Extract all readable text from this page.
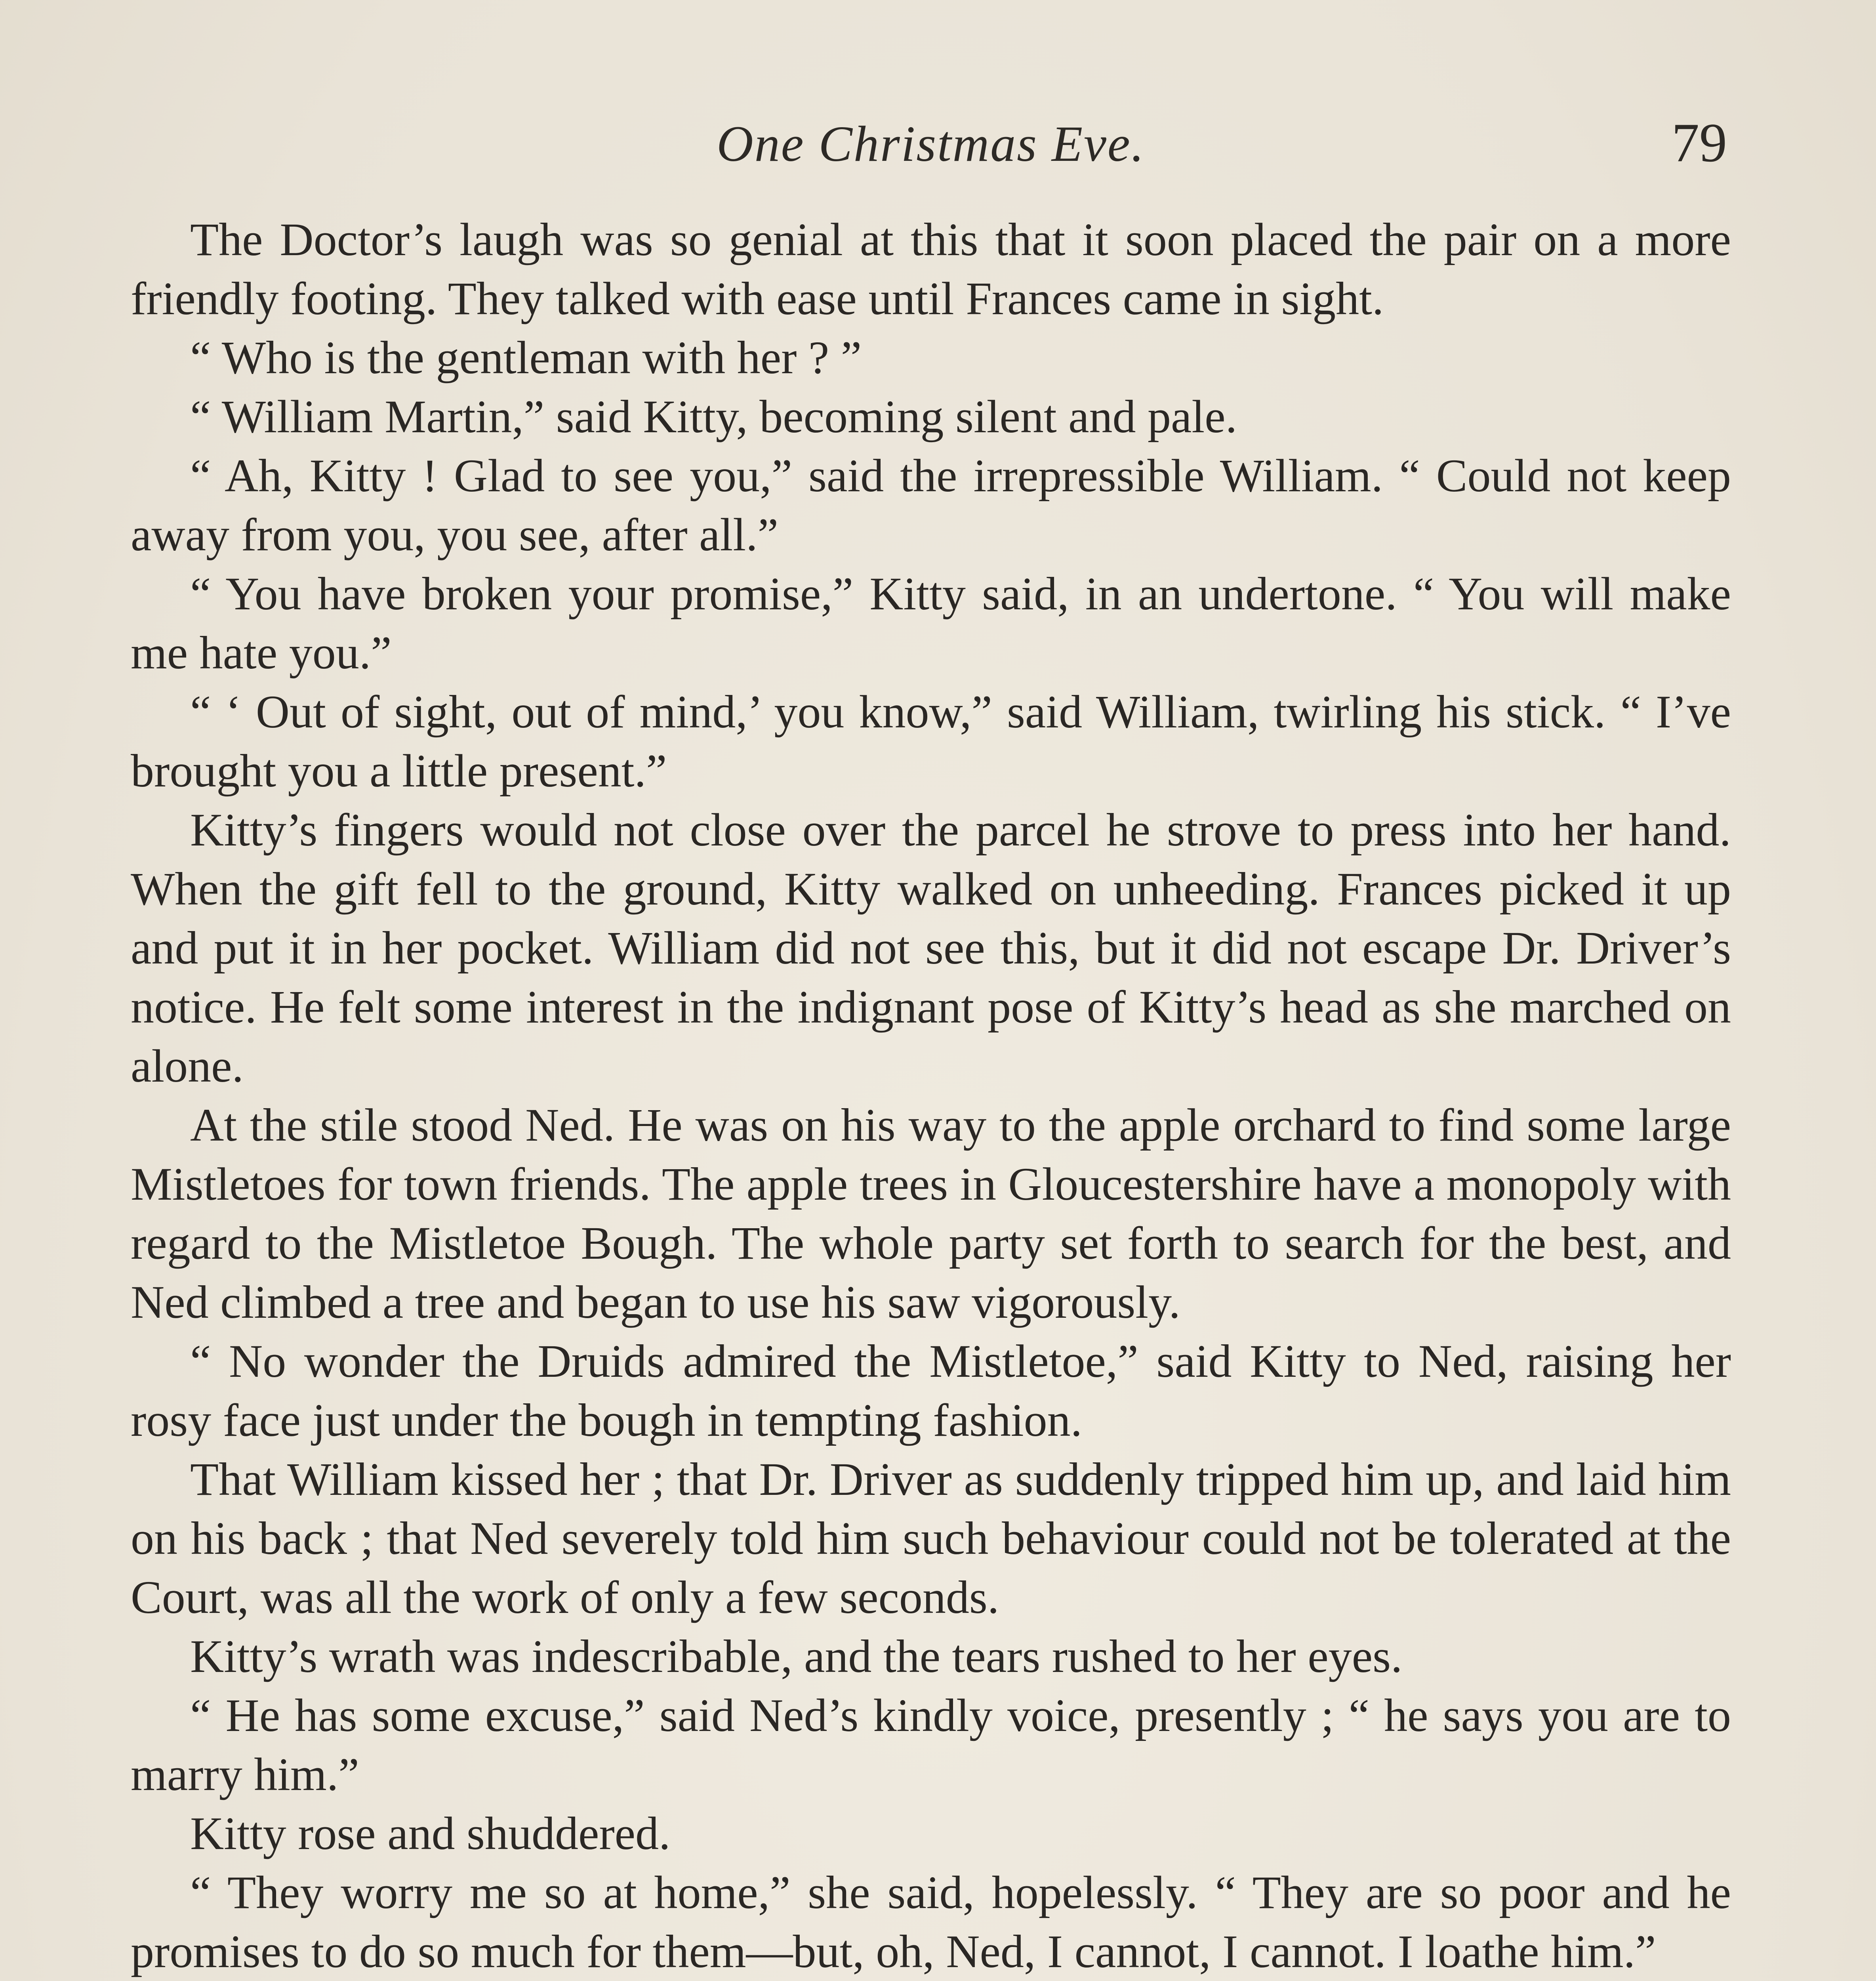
One Christmas Eve.	79

The Doctor’s laugh was so genial at this that it soon placed the pair on a more friendly footing. They talked with ease until Frances came in sight.

“ Who is the gentleman with her ? ”

“ William Martin,” said Kitty, becoming silent and pale.

“ Ah, Kitty ! Glad to see you,” said the irrepressible William. “ Could not keep away from you, you see, after all.”

“ You have broken your promise,” Kitty said, in an undertone. “ You will make me hate you.”

“ ‘ Out of sight, out of mind,’ you know,” said William, twirling his stick. “ I’ve brought you a little present.”

Kitty’s fingers would not close over the parcel he strove to press into her hand. When the gift fell to the ground, Kitty walked on unheeding. Frances picked it up and put it in her pocket. William did not see this, but it did not escape Dr. Driver’s notice. He felt some interest in the indignant pose of Kitty’s head as she marched on alone.

At the stile stood Ned. He was on his way to the apple orchard to find some large Mistletoes for town friends. The apple trees in Gloucestershire have a monopoly with regard to the Mistletoe Bough. The whole party set forth to search for the best, and Ned climbed a tree and began to use his saw vigorously.

“ No wonder the Druids admired the Mistletoe,” said Kitty to Ned, raising her rosy face just under the bough in tempting fashion.

That William kissed her ; that Dr. Driver as suddenly tripped him up, and laid him on his back ; that Ned severely told him such behaviour could not be tolerated at the Court, was all the work of only a few seconds.

Kitty’s wrath was indescribable, and the tears rushed to her eyes.

“ He has some excuse,” said Ned’s kindly voice, presently ; “ he says you are to marry him.”

Kitty rose and shuddered.

“ They worry me so at home,” she said, hopelessly. “ They are so poor and he promises to do so much for them—but, oh, Ned, I cannot, I cannot. I loathe him.”
